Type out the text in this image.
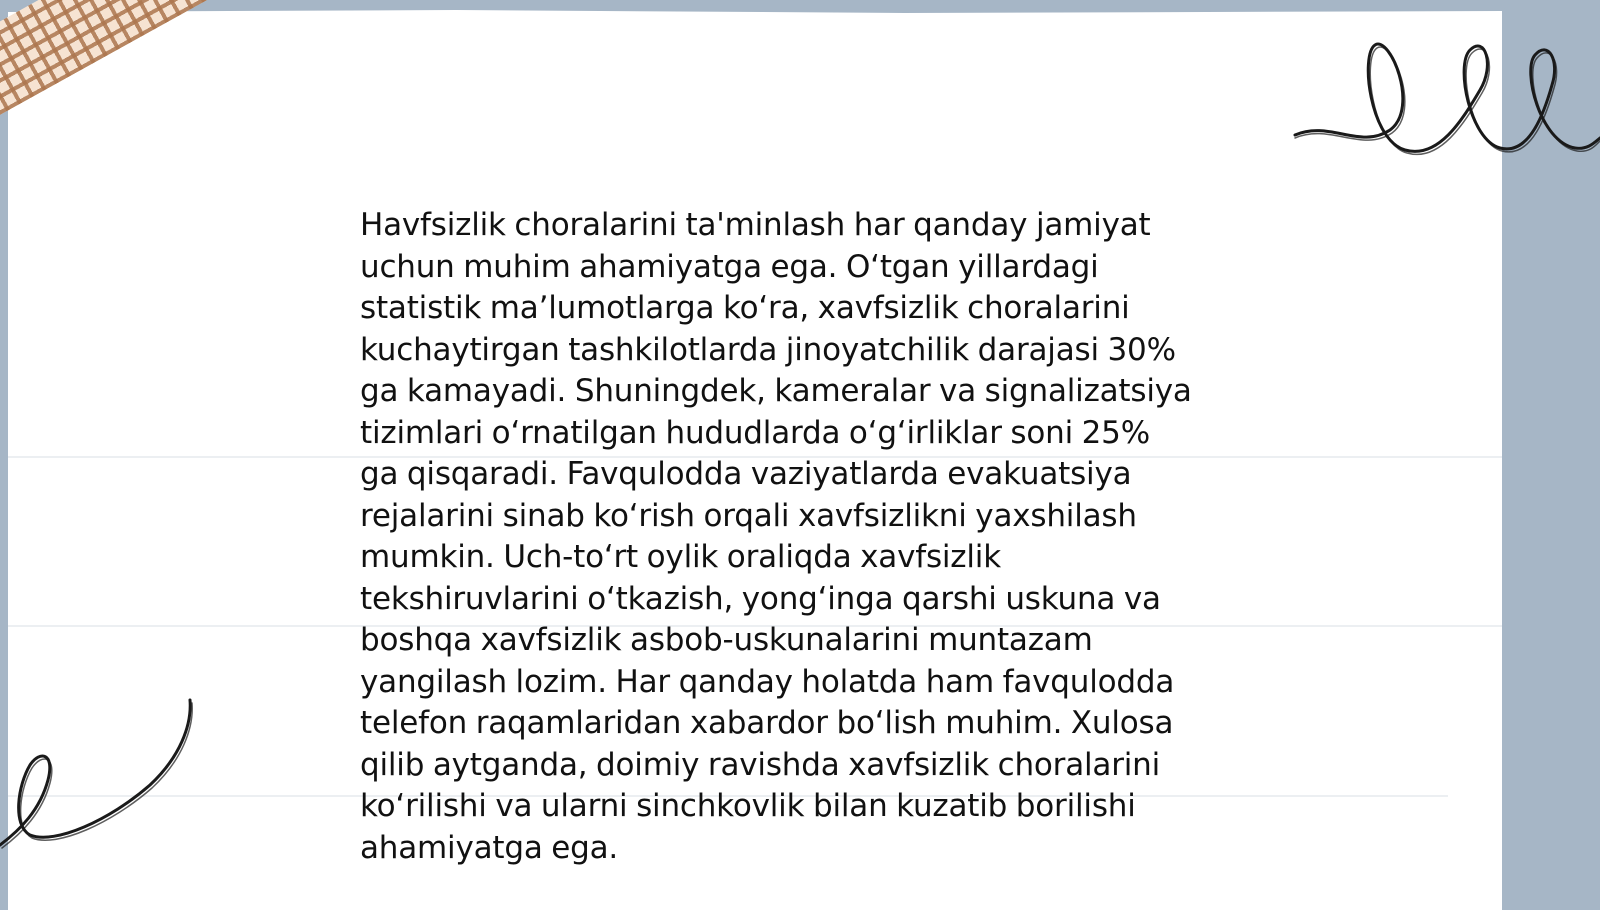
Havfsizlik choralarini ta'minlash har qanday jamiyat
uchun muhim ahamiyatga ega. O‘tgan yillardagi
statistik ma’lumotlarga ko‘ra, xavfsizlik choralarini
kuchaytirgan tashkilotlarda jinoyatchilik darajasi 30%
ga kamayadi. Shuningdek, kameralar va signalizatsiya
tizimlari o‘rnatilgan hududlarda o‘g‘irliklar soni 25%
ga qisqaradi. Favqulodda vaziyatlarda evakuatsiya
rejalarini sinab ko‘rish orqali xavfsizlikni yaxshilash
mumkin. Uch-to‘rt oylik oraliqda xavfsizlik
tekshiruvlarini o‘tkazish, yong‘inga qarshi uskuna va
boshqa xavfsizlik asbob-uskunalarini muntazam
yangilash lozim. Har qanday holatda ham favqulodda
telefon raqamlaridan xabardor bo‘lish muhim. Xulosa
qilib aytganda, doimiy ravishda xavfsizlik choralarini
ko‘rilishi va ularni sinchkovlik bilan kuzatib borilishi
ahamiyatga ega.
